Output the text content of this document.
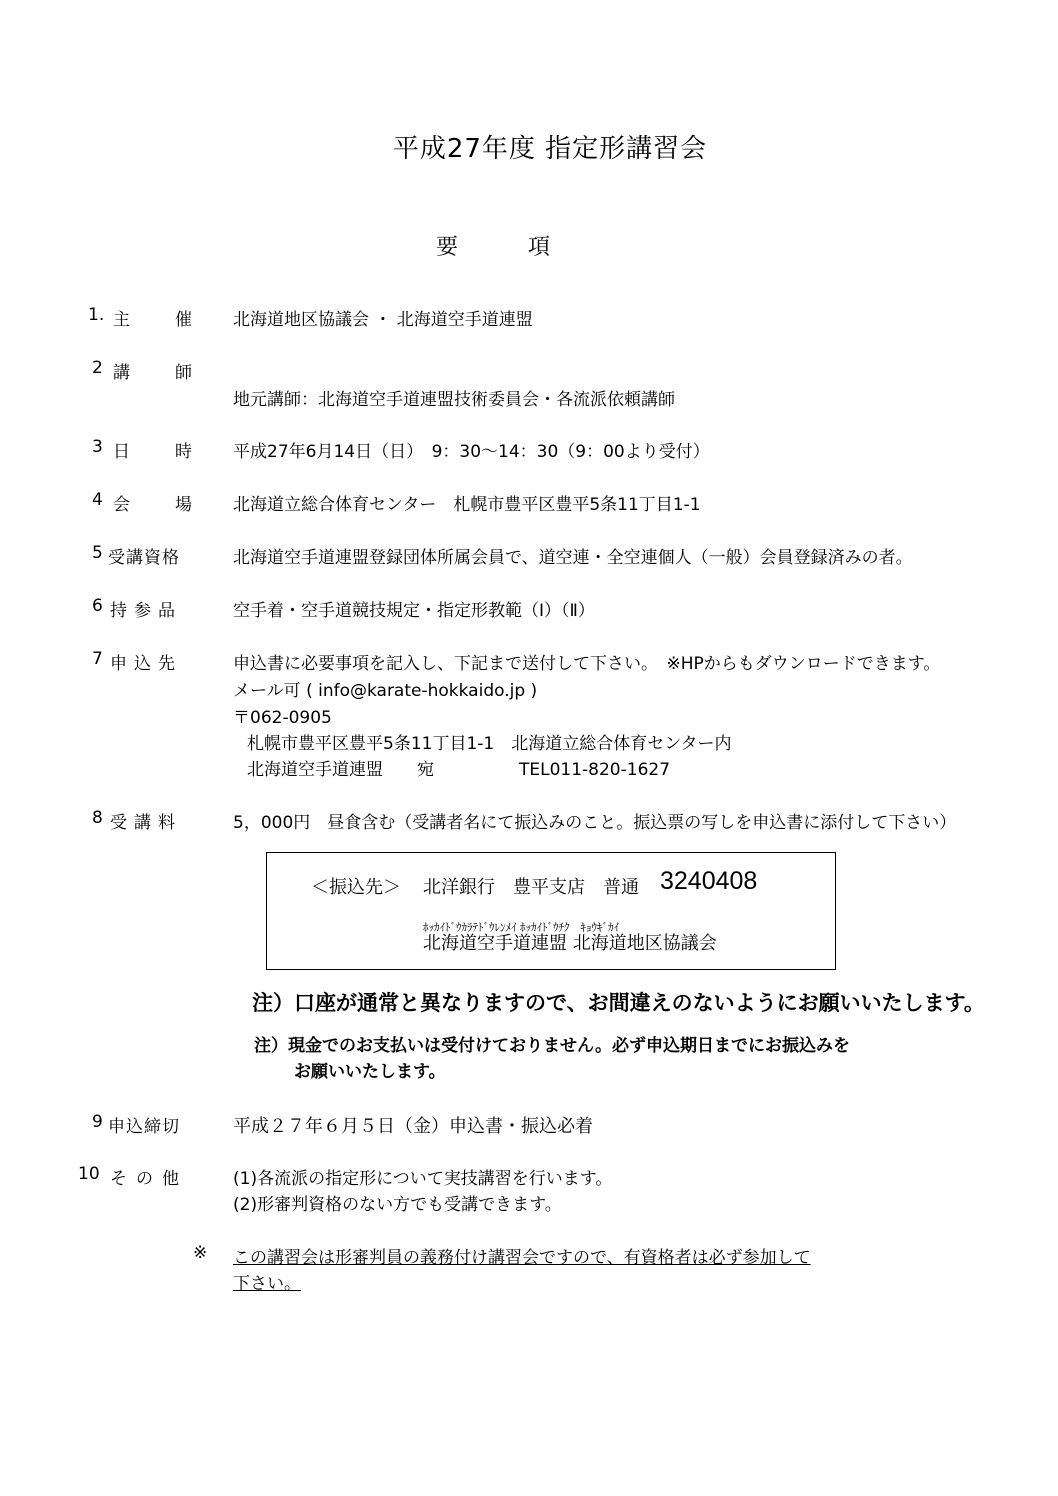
平成27年度 指定形講習会
要項
1. 主　催 北海道地区協議会 ・ 北海道空手道連盟
2 講　師
地元講師：北海道空手道連盟技術委員会・各流派依頼講師
3 日　時 平成27年6月14日（日）　9：30～14：30（9：00より受付）
4 会　場 北海道立総合体育センター　札幌市豊平区豊平5条11丁目1-1
5 受講資格	北海道空手道連盟登録団体所属会員で、道空連・全空連個人（一般）会員登録済みの者。
6 持参品	空手着・空手道競技規定・指定形教範（Ⅰ）（Ⅱ）
7 申込先	申込書に必要事項を記入し、下記まで送付して下さい。　※HPからもダウンロードできます。
メール可 ( info@karate-hokkaido.jp )
〒062-0905
札幌市豊平区豊平5条11丁目1-1　北海道立総合体育センター内
北海道空手道連盟　　宛　　　　　TEL011-820-1627
8 受講料	5，000円　昼食含む（受講者名にて振込みのこと。振込票の写しを申込書に添付して下さい）
＜振込先＞ 北洋銀行　豊平支店　普通 3240408
ﾎｯｶｲﾄﾞｳｶﾗﾃﾄﾞｳﾚﾝﾒｲ ﾎｯｶｲﾄﾞｳﾁｸ　ｷｮｳｷﾞｶｲ
北海道空手道連盟 北海道地区協議会
注）口座が通常と異なりますので、お間違えのないようにお願いいたします。
注）現金でのお支払いは受付けておりません。必ず申込期日までにお振込みを
お願いいたします。
9 申込締切	平成２７年６月５日（金）申込書・振込必着
10 その他	(1)各流派の指定形について実技講習を行います。
(2)形審判資格のない方でも受講できます。
※ この講習会は形審判員の義務付け講習会ですので、有資格者は必ず参加して
下さい。
